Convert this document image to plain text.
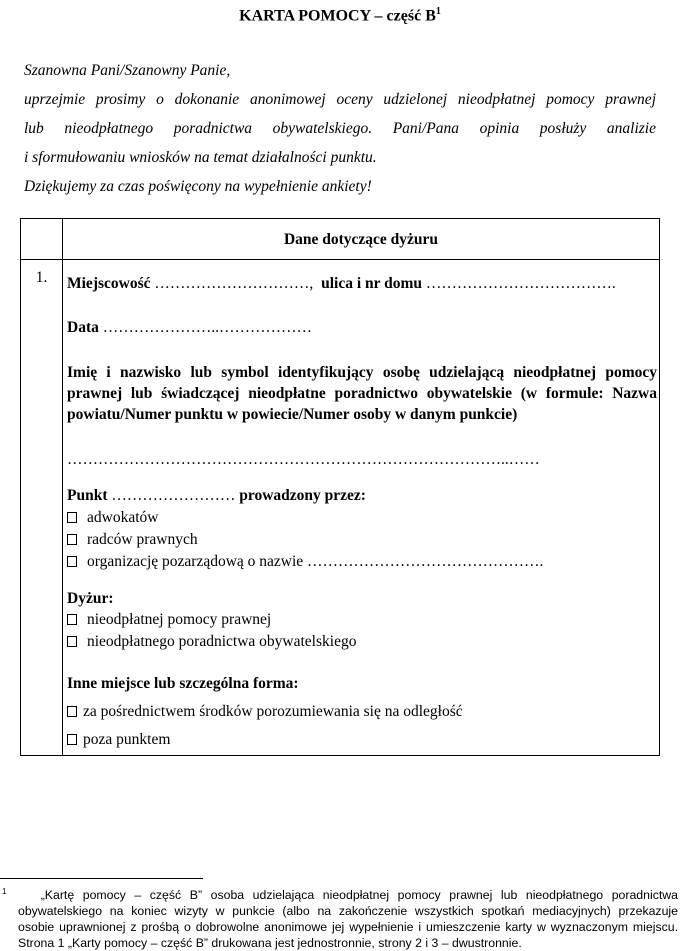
KARTA POMOCY – część $B^1$
Szanowna Pani/Szanowny Panie,
uprzejmie prosimy o dokonanie anonimowej oceny udzielonej nieodpłatnej pomocy prawnej
lub nieodpłatnego poradnictwa obywatelskiego. Pani/Pana opinia posłuży analizie
i sformułowaniu wniosków na temat działalności punktu.
Dziękujemy za czas poświęcony na wypełnienie ankiety!
Dane dotyczące dyżuru
1.	Miejscowość …………………………, ulica i nr domu ……………………………….
Data …………………..………………
Imię i nazwisko lub symbol identyfikujący osobę udzielającą nieodpłatnej pomocy prawnej lub świadczącej nieodpłatne poradnictwo obywatelskie (w formule: Nazwa powiatu/Numer punktu w powiecie/Numer osoby w danym punkcie)
…………………………………………………………………………..……
Punkt …………………… prowadzony przez:
adwokatów
radców prawnych
organizację pozarządową o nazwie ……………………………………….
Dyżur:
nieodpłatnej pomocy prawnej
nieodpłatnego poradnictwa obywatelskiego
Inne miejsce lub szczególna forma:
za pośrednictwem środków porozumiewania się na odległość
poza punktem
$^1$	„Kartę pomocy – część B” osoba udzielająca nieodpłatnej pomocy prawnej lub nieodpłatnego poradnictwa
obywatelskiego na koniec wizyty w punkcie (albo na zakończenie wszystkich spotkań mediacyjnych) przekazuje
osobie uprawnionej z prośbą o dobrowolne anonimowe jej wypełnienie i umieszczenie karty w wyznaczonym miejscu.
Strona 1 „Karty pomocy – część B” drukowana jest jednostronnie, strony 2 i 3 – dwustronnie.
